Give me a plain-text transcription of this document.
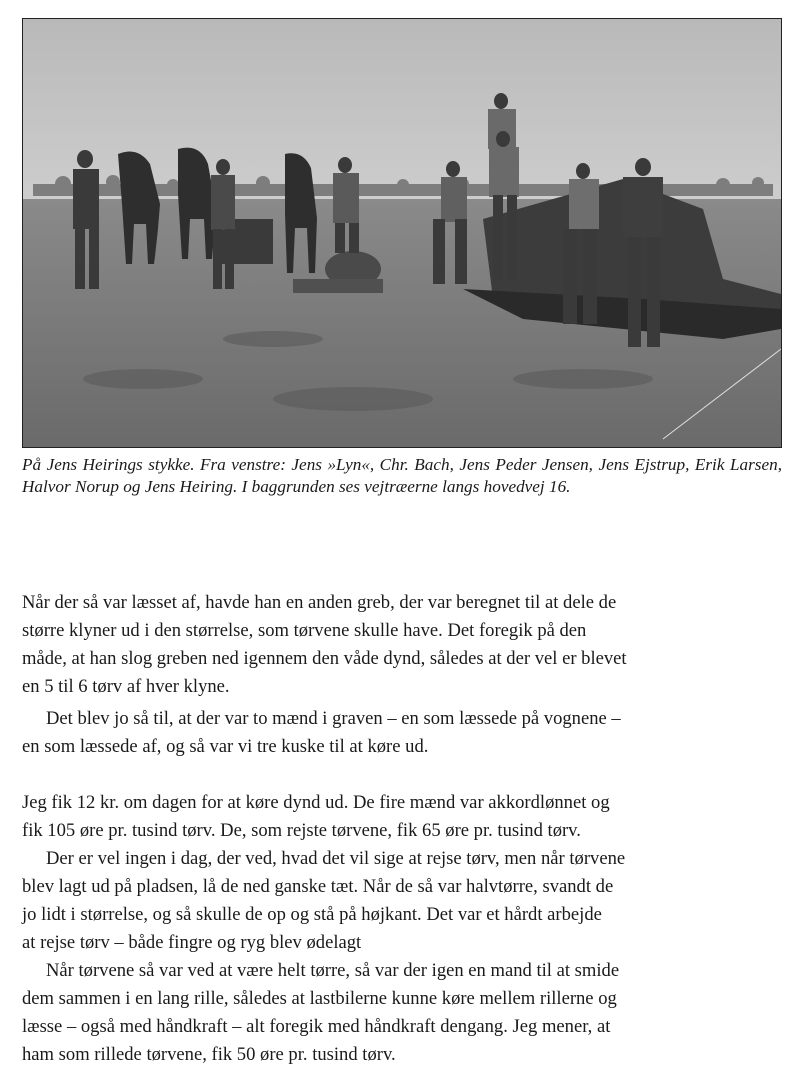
På Jens Heirings stykke. Fra venstre: Jens »Lyn«, Chr. Bach, Jens Peder Jensen, Jens Ejstrup, Erik Larsen, Halvor Norup og Jens Heiring. I baggrunden ses vejtræerne langs hovedvej 16.

Når der så var læsset af, havde han en anden greb, der var beregnet til at dele de
større klyner ud i den størrelse, som tørvene skulle have. Det foregik på den
måde, at han slog greben ned igennem den våde dynd, således at der vel er blevet
en 5 til 6 tørv af hver klyne.

Det blev jo så til, at der var to mænd i graven – en som læssede på vognene –
en som læssede af, og så var vi tre kuske til at køre ud.

Jeg fik 12 kr. om dagen for at køre dynd ud. De fire mænd var akkordlønnet og
fik 105 øre pr. tusind tørv. De, som rejste tørvene, fik 65 øre pr. tusind tørv.

Der er vel ingen i dag, der ved, hvad det vil sige at rejse tørv, men når tørvene
blev lagt ud på pladsen, lå de ned ganske tæt. Når de så var halvtørre, svandt de
jo lidt i størrelse, og så skulle de op og stå på højkant. Det var et hårdt arbejde
at rejse tørv – både fingre og ryg blev ødelagt

Når tørvene så var ved at være helt tørre, så var der igen en mand til at smide
dem sammen i en lang rille, således at lastbilerne kunne køre mellem rillerne og
læsse – også med håndkraft – alt foregik med håndkraft dengang. Jeg mener, at
ham som rillede tørvene, fik 50 øre pr. tusind tørv.
